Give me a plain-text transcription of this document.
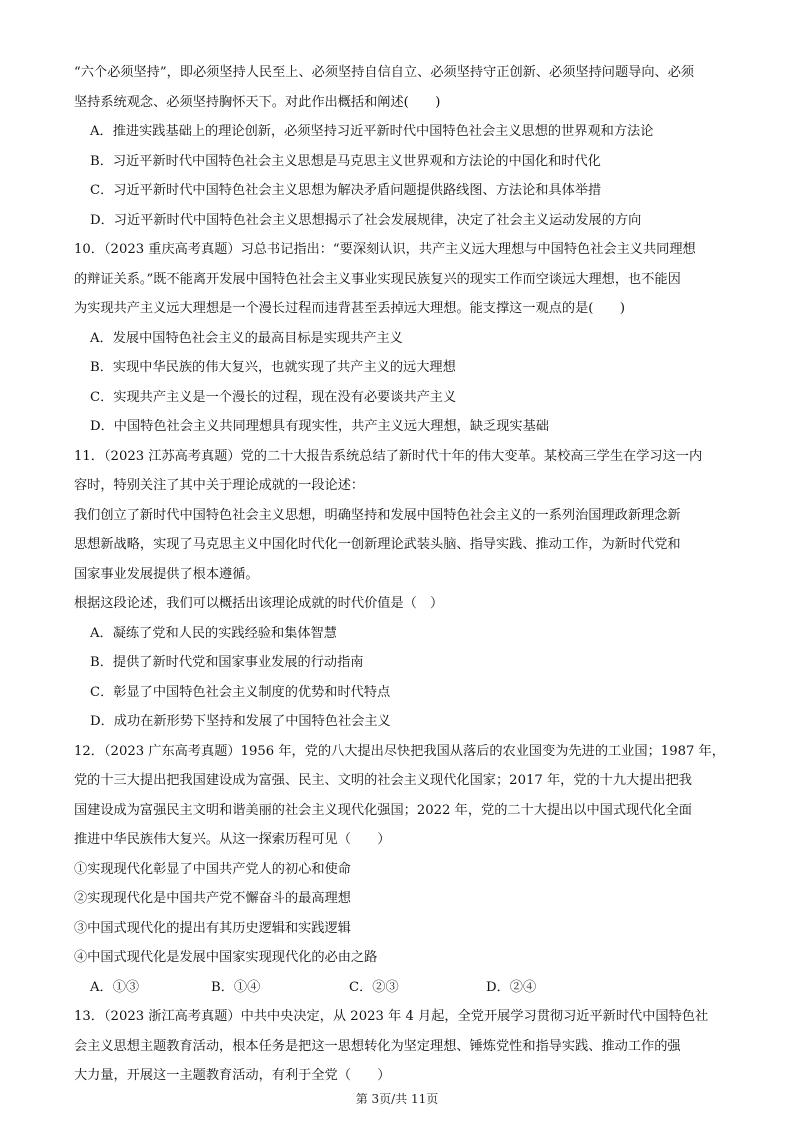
“六个必须坚持”，即必须坚持人民至上、必须坚持自信自立、必须坚持守正创新、必须坚持问题导向、必须
坚持系统观念、必须坚持胸怀天下。对此作出概括和阐述(　　)
A．推进实践基础上的理论创新，必须坚持习近平新时代中国特色社会主义思想的世界观和方法论
B．习近平新时代中国特色社会主义思想是马克思主义世界观和方法论的中国化和时代化
C．习近平新时代中国特色社会主义思想为解决矛盾问题提供路线图、方法论和具体举措
D．习近平新时代中国特色社会主义思想揭示了社会发展规律，决定了社会主义运动发展的方向
10．（2023 重庆高考真题）习总书记指出：“要深刻认识，共产主义远大理想与中国特色社会主义共同理想
的辩证关系。”既不能离开发展中国特色社会主义事业实现民族复兴的现实工作而空谈远大理想，也不能因
为实现共产主义远大理想是一个漫长过程而违背甚至丢掉远大理想。能支撑这一观点的是(　　)
A．发展中国特色社会主义的最高目标是实现共产主义
B．实现中华民族的伟大复兴，也就实现了共产主义的远大理想
C．实现共产主义是一个漫长的过程，现在没有必要谈共产主义
D．中国特色社会主义共同理想具有现实性，共产主义远大理想，缺乏现实基础
11．（2023 江苏高考真题）党的二十大报告系统总结了新时代十年的伟大变革。某校高三学生在学习这一内
容时，特别关注了其中关于理论成就的一段论述：
我们创立了新时代中国特色社会主义思想，明确坚持和发展中国特色社会主义的一系列治国理政新理念新
思想新战略，实现了马克思主义中国化时代化一创新理论武装头脑、指导实践、推动工作，为新时代党和
国家事业发展提供了根本遵循。
根据这段论述，我们可以概括出该理论成就的时代价值是（　）
A．凝练了党和人民的实践经验和集体智慧
B．提供了新时代党和国家事业发展的行动指南
C．彰显了中国特色社会主义制度的优势和时代特点
D．成功在新形势下坚持和发展了中国特色社会主义
12．（2023 广东高考真题）1956 年，党的八大提出尽快把我国从落后的农业国变为先进的工业国；1987 年，
党的十三大提出把我国建设成为富强、民主、文明的社会主义现代化国家；2017 年，党的十九大提出把我
国建设成为富强民主文明和谐美丽的社会主义现代化强国；2022 年，党的二十大提出以中国式现代化全面
推进中华民族伟大复兴。从这一探索历程可见（　　）
①实现现代化彰显了中国共产党人的初心和使命
②实现现代化是中国共产党不懈奋斗的最高理想
③中国式现代化的提出有其历史逻辑和实践逻辑
④中国式现代化是发展中国家实现现代化的必由之路
A．①③	B．①④	C．②③	D．②④
13．（2023 浙江高考真题）中共中央决定，从 2023 年 4 月起，全党开展学习贯彻习近平新时代中国特色社
会主义思想主题教育活动，根本任务是把这一思想转化为坚定理想、锤炼党性和指导实践、推动工作的强
大力量，开展这一主题教育活动，有利于全党（　　）
第 3页/共 11页
